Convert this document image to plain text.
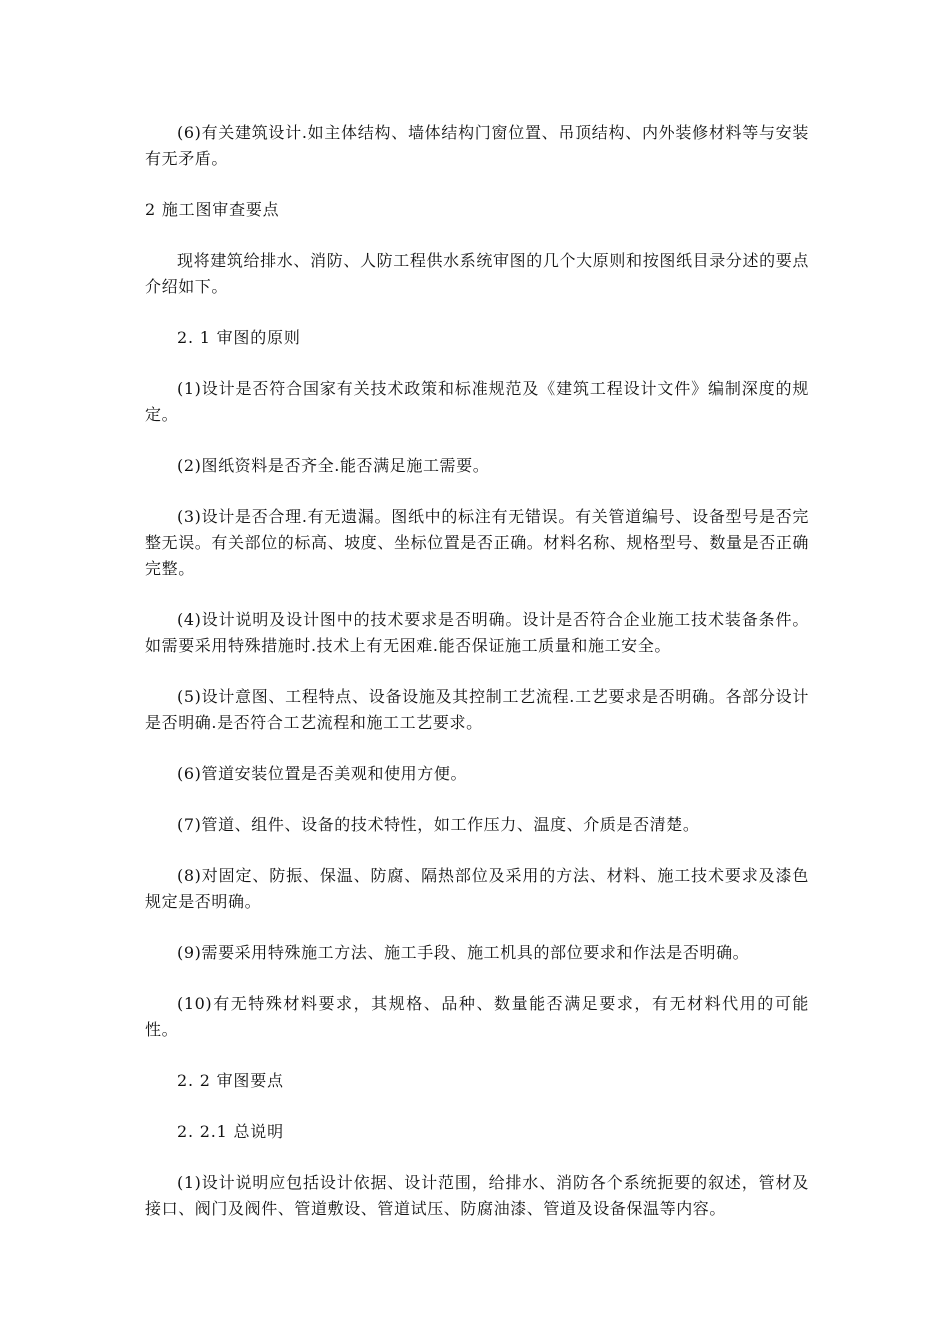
(6)有关建筑设计.如主体结构、墙体结构门窗位置、吊顶结构、内外装修材料等与安装有无矛盾。

2 施工图审查要点

现将建筑给排水、消防、人防工程供水系统审图的几个大原则和按图纸目录分述的要点介绍如下。

2. 1 审图的原则

(1)设计是否符合国家有关技术政策和标准规范及《建筑工程设计文件》编制深度的规定。

(2)图纸资料是否齐全.能否满足施工需要。

(3)设计是否合理.有无遗漏。图纸中的标注有无错误。有关管道编号、设备型号是否完整无误。有关部位的标高、坡度、坐标位置是否正确。材料名称、规格型号、数量是否正确完整。

(4)设计说明及设计图中的技术要求是否明确。设计是否符合企业施工技术装备条件。如需要采用特殊措施时.技术上有无困难.能否保证施工质量和施工安全。

(5)设计意图、工程特点、设备设施及其控制工艺流程.工艺要求是否明确。各部分设计是否明确.是否符合工艺流程和施工工艺要求。

(6)管道安装位置是否美观和使用方便。

(7)管道、组件、设备的技术特性，如工作压力、温度、介质是否清楚。

(8)对固定、防振、保温、防腐、隔热部位及采用的方法、材料、施工技术要求及漆色规定是否明确。

(9)需要采用特殊施工方法、施工手段、施工机具的部位要求和作法是否明确。

(10)有无特殊材料要求，其规格、品种、数量能否满足要求，有无材料代用的可能性。

2. 2 审图要点

2. 2.1 总说明

(1)设计说明应包括设计依据、设计范围，给排水、消防各个系统扼要的叙述，管材及接口、阀门及阀件、管道敷设、管道试压、防腐油漆、管道及设备保温等内容。
